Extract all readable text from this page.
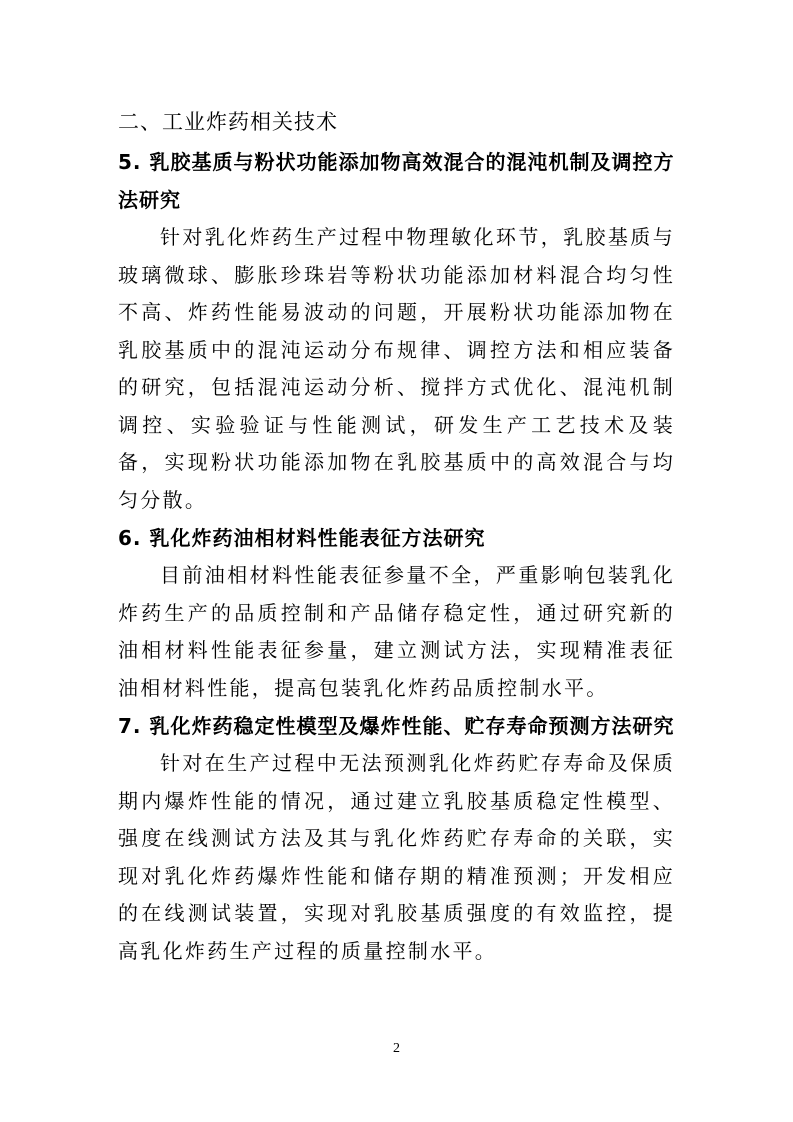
二、工业炸药相关技术
5. 乳胶基质与粉状功能添加物高效混合的混沌机制及调控方法研究

针对乳化炸药生产过程中物理敏化环节，乳胶基质与玻璃微球、膨胀珍珠岩等粉状功能添加材料混合均匀性不高、炸药性能易波动的问题，开展粉状功能添加物在乳胶基质中的混沌运动分布规律、调控方法和相应装备的研究，包括混沌运动分析、搅拌方式优化、混沌机制调控、实验验证与性能测试，研发生产工艺技术及装备，实现粉状功能添加物在乳胶基质中的高效混合与均匀分散。

6. 乳化炸药油相材料性能表征方法研究

目前油相材料性能表征参量不全，严重影响包装乳化炸药生产的品质控制和产品储存稳定性，通过研究新的油相材料性能表征参量，建立测试方法，实现精准表征油相材料性能，提高包装乳化炸药品质控制水平。

7. 乳化炸药稳定性模型及爆炸性能、贮存寿命预测方法研究

针对在生产过程中无法预测乳化炸药贮存寿命及保质期内爆炸性能的情况，通过建立乳胶基质稳定性模型、强度在线测试方法及其与乳化炸药贮存寿命的关联，实现对乳化炸药爆炸性能和储存期的精准预测；开发相应的在线测试装置，实现对乳胶基质强度的有效监控，提高乳化炸药生产过程的质量控制水平。

2
